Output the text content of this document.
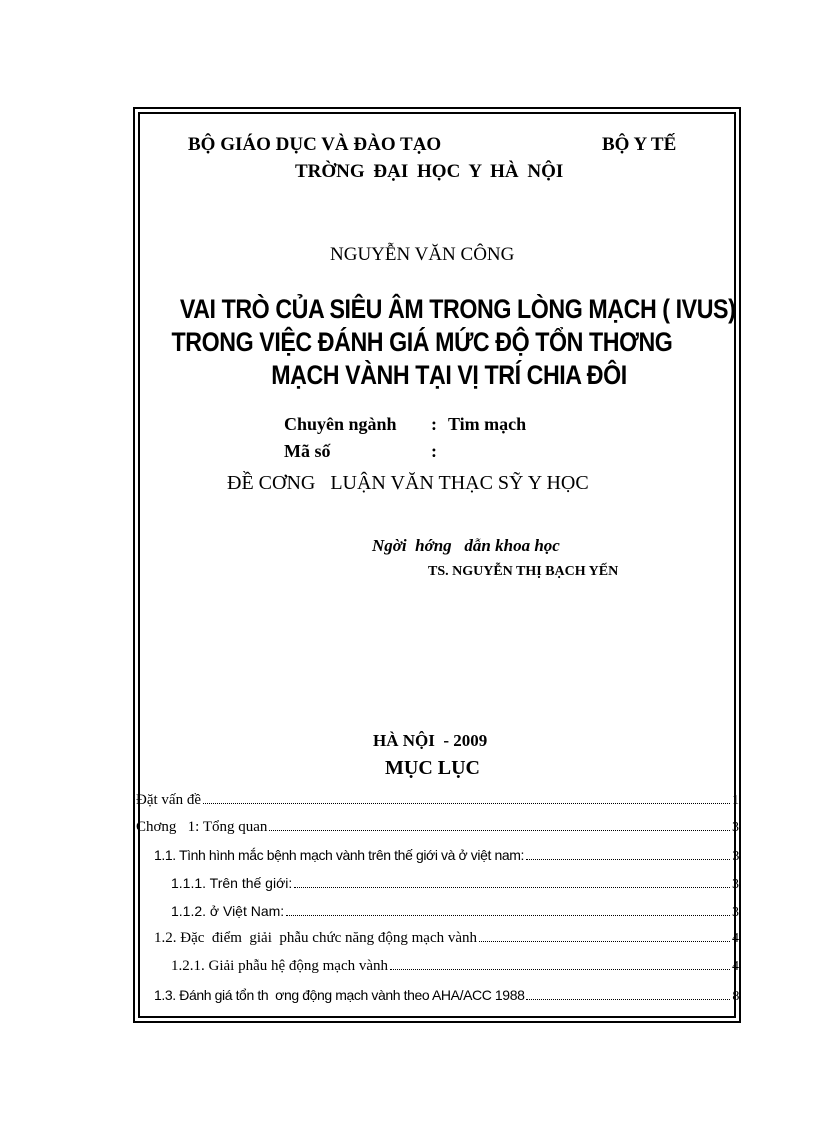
BỘ GIÁO DỤC VÀ ĐÀO TẠO	BỘ Y TẾ
TRỜNG ĐẠI HỌC Y HÀ NỘI
NGUYỄN VĂN CÔNG
VAI TRÒ CỦA SIÊU ÂM TRONG LÒNG MẠCH ( IVUS)
TRONG VIỆC ĐÁNH GIÁ MỨC ĐỘ TỔN THƠNG
MẠCH VÀNH TẠI VỊ TRÍ CHIA ĐÔI
Chuyên ngành : Tim mạch
Mã số	:
ĐỀ CƠNG   LUẬN VĂN THẠC SỸ Y HỌC
Ngời  hớng   dẫn khoa học
TS. NGUYỄN THỊ BẠCH YẾN
HÀ NỘI  - 2009
MỤC LỤC
Đặt vấn đề	1
Chơng   1: Tổng quan	3
1.1. Tình hình mắc bệnh mạch vành trên thế giới và ở việt nam:	3
1.1.1. Trên thế giới:	3
1.1.2. ở Việt Nam:	3
1.2. Đặc  điểm  giải  phẫu chức năng động mạch vành	4
1.2.1. Giải phẫu hệ động mạch vành	4
1.3. Đánh giá tổn th  ơng động mạch vành theo AHA/ACC 1988	8
